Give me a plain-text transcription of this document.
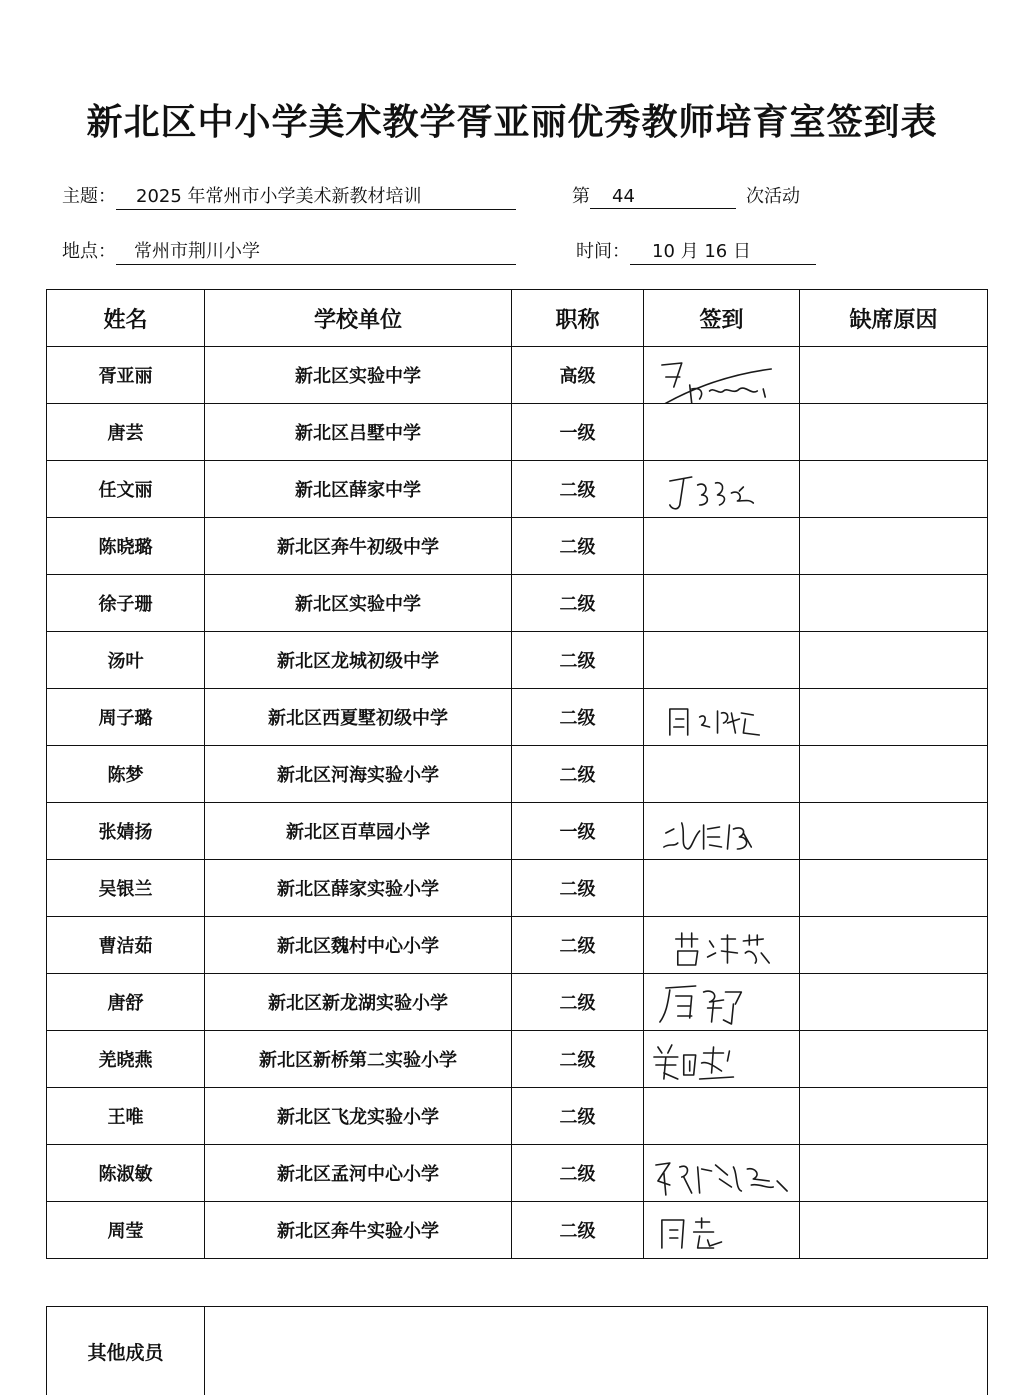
新北区中小学美术教学胥亚丽优秀教师培育室签到表
主题： 2025 年常州市小学美术新教材培训	第 44	次活动
地点： 常州市荆川小学	时间： 10 月 16 日
姓名	学校单位	职称	签到	缺席原因
胥亚丽	新北区实验中学	高级	

唐芸	新北区吕墅中学	一级		
任文丽	新北区薛家中学	二级	

陈晓璐	新北区奔牛初级中学	二级		
徐子珊	新北区实验中学	二级		
汤叶	新北区龙城初级中学	二级		
周子璐	新北区西夏墅初级中学	二级	

陈梦	新北区河海实验小学	二级		
张婧扬	新北区百草园小学	一级	

吴银兰	新北区薛家实验小学	二级		
曹洁茹	新北区魏村中心小学	二级	

唐舒	新北区新龙湖实验小学	二级	

羌晓燕	新北区新桥第二实验小学	二级	

王唯	新北区飞龙实验小学	二级		
陈淑敏	新北区孟河中心小学	二级	

周莹	新北区奔牛实验小学	二级	

其他成员	
